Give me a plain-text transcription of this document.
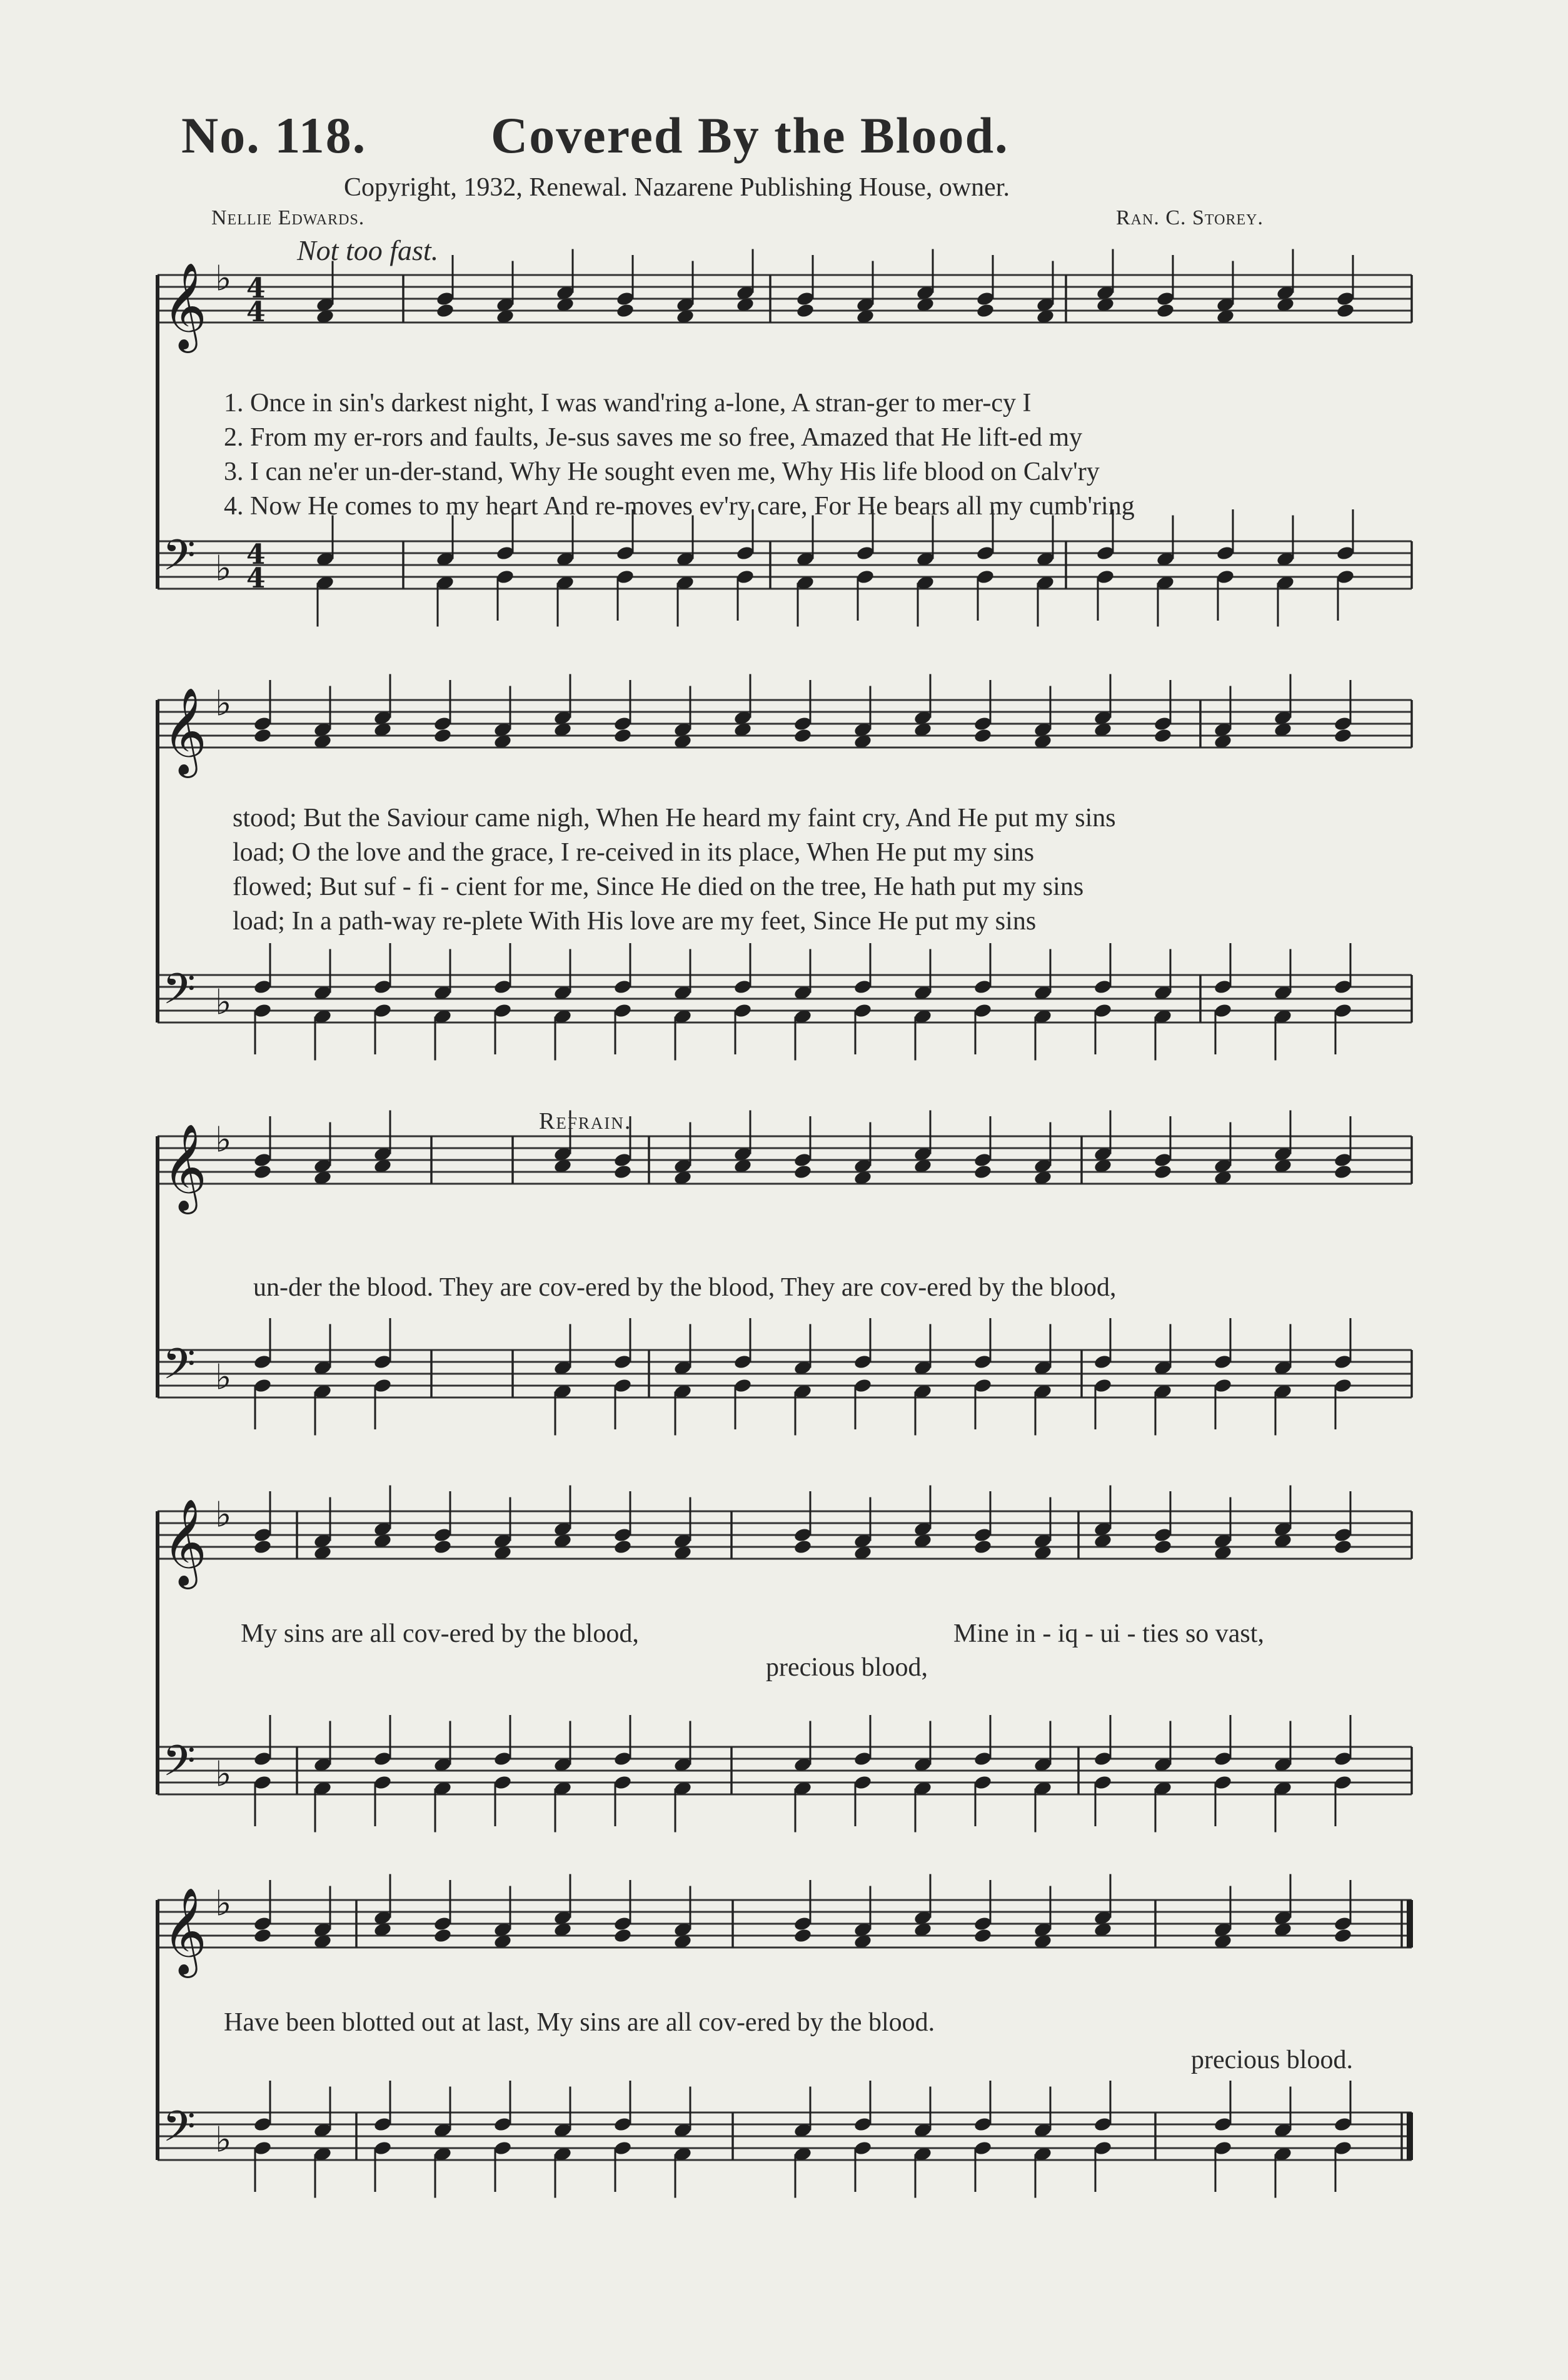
No. 118. Covered By the Blood.
Copyright, 1932, Renewal. Nazarene Publishing House, owner.
Nellie Edwards.	Ran. C. Storey.
Not too fast.
𝄞 ♭
𝄢 ♭
4
4
4
4
𝄞 ♭
𝄢 ♭
𝄞 ♭
𝄢 ♭
𝄞 ♭
𝄢 ♭
𝄞 ♭
𝄢 ♭
1. Once in sin's darkest night, I was wand'ring a-lone, A stran-ger to mer-cy I
2. From my er-rors and faults, Je-sus saves me so free, Amazed that He lift-ed my
3. I can ne'er un-der-stand, Why He sought even me, Why His life blood on Calv'ry
4. Now He comes to my heart And re-moves ev'ry care, For He bears all my cumb'ring
stood; But the Saviour came nigh, When He heard my faint cry, And He put my sins
load; O the love and the grace, I re-ceived in its place, When He put my sins
flowed; But suf - fi - cient for me, Since He died on the tree, He hath put my sins
load; In a path-way re-plete With His love are my feet, Since He put my sins
Refrain.
un-der the blood. They are cov-ered by the blood, They are cov-ered by the blood,
My sins are all cov-ered by the blood,	Mine in - iq - ui - ties so vast,
precious blood,
Have been blotted out at last, My sins are all cov-ered by the blood.
precious blood.
